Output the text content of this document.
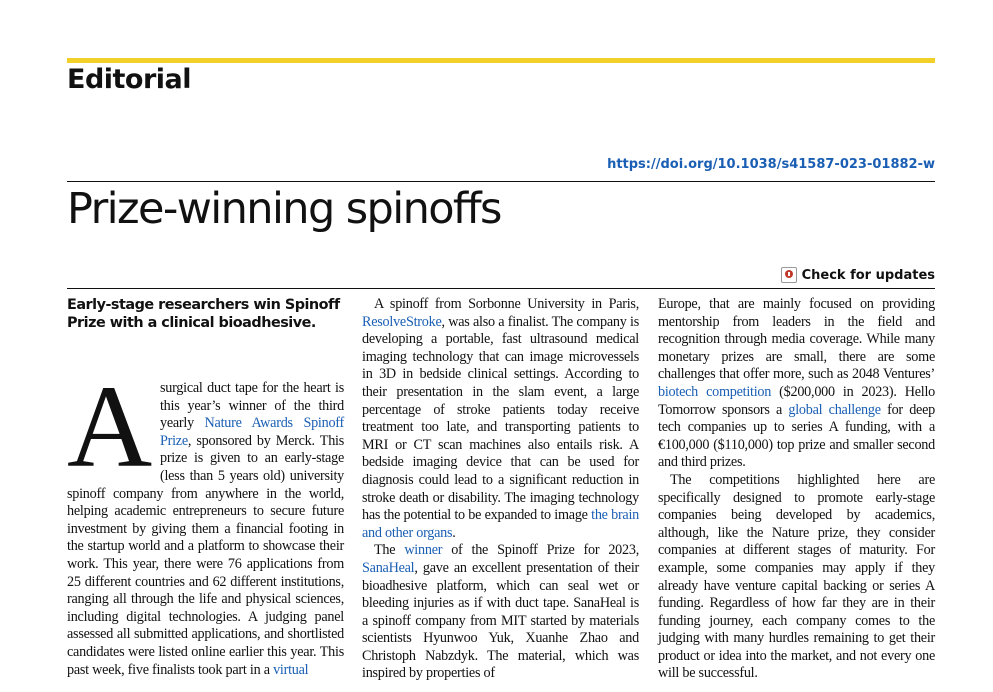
Editorial
https://doi.org/10.1038/s41587-023-01882-w
Prize-winning spinoffs
Check for updates
Early-stage researchers win Spinoff Prize with a clinical bioadhesive.

A surgical duct tape for the heart is this year’s winner of the third yearly Nature Awards Spinoff Prize, sponsored by Merck. This prize is given to an early-stage (less than 5 years old) university spinoff company from anywhere in the world, helping academic entrepreneurs to secure future investment by giving them a financial footing in the startup world and a platform to showcase their work. This year, there were 76 applications from 25 different countries and 62 different institutions, ranging all through the life and physical sciences, including digital technologies. A judging panel assessed all submitted applications, and shortlisted candidates were listed online earlier this year. This past week, five finalists took part in a virtual

A spinoff from Sorbonne University in Paris, ResolveStroke, was also a finalist. The company is developing a portable, fast ultrasound medical imaging technology that can image microvessels in 3D in bedside clinical settings. According to their presentation in the slam event, a large percentage of stroke patients today receive treatment too late, and transporting patients to MRI or CT scan machines also entails risk. A bedside imaging device that can be used for diagnosis could lead to a significant reduction in stroke death or disability. The imaging technology has the potential to be expanded to image the brain and other organs.

The winner of the Spinoff Prize for 2023, SanaHeal, gave an excellent presentation of their bioadhesive platform, which can seal wet or bleeding injuries as if with duct tape. SanaHeal is a spinoff company from MIT started by materials scientists Hyunwoo Yuk, Xuanhe Zhao and Christoph Nabzdyk. The material, which was inspired by properties of

Europe, that are mainly focused on providing mentorship from leaders in the field and recognition through media coverage. While many monetary prizes are small, there are some challenges that offer more, such as 2048 Ventures’ biotech competition ($200,000 in 2023). Hello Tomorrow sponsors a global challenge for deep tech companies up to series A funding, with a €100,000 ($110,000) top prize and smaller second and third prizes.

The competitions highlighted here are specifically designed to promote early-stage companies being developed by academics, although, like the Nature prize, they consider companies at different stages of maturity. For example, some companies may apply if they already have venture capital backing or series A funding. Regardless of how far they are in their funding journey, each company comes to the judging with many hurdles remaining to get their product or idea into the market, and not every one will be successful.
